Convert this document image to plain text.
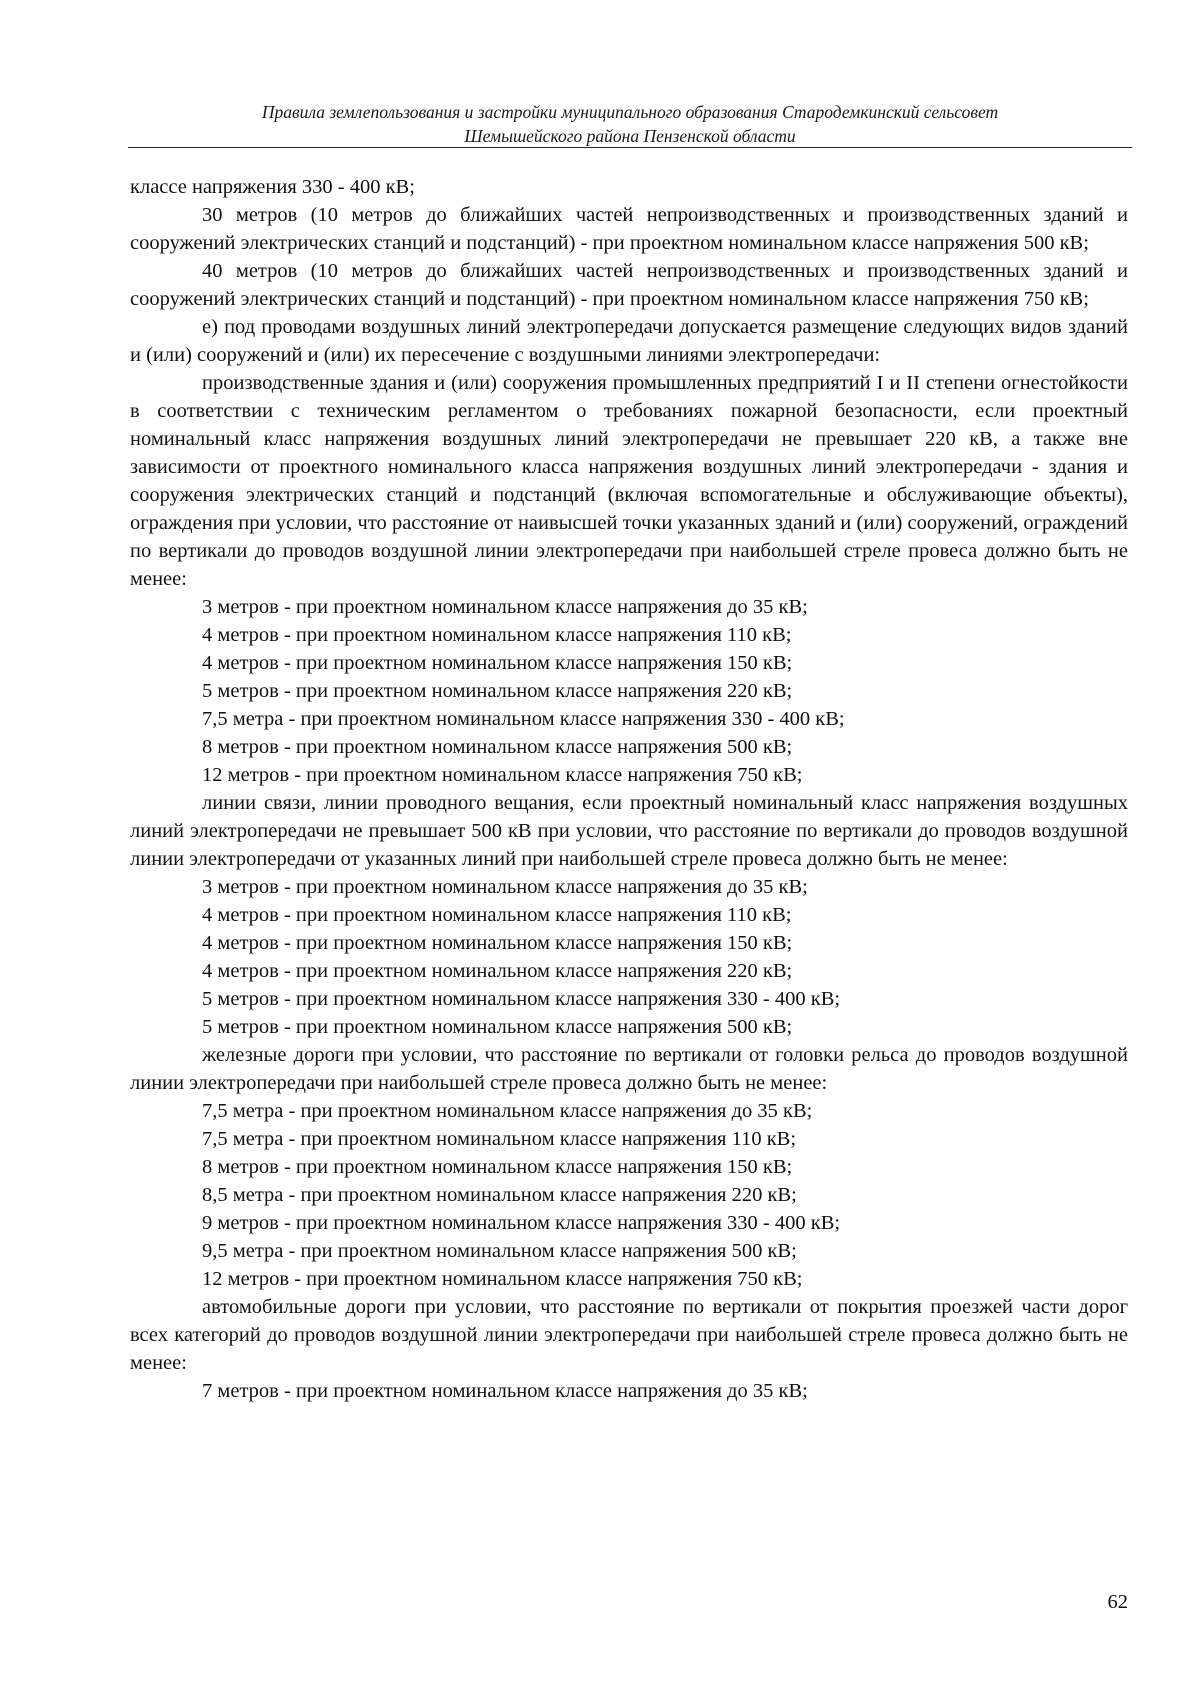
Правила землепользования и застройки муниципального образования Стародемкинский сельсовет
Шемышейского района Пензенской области

классе напряжения 330 - 400 кВ;

30 метров (10 метров до ближайших частей непроизводственных и производственных зданий и сооружений электрических станций и подстанций) - при проектном номинальном классе напряжения 500 кВ;

40 метров (10 метров до ближайших частей непроизводственных и производственных зданий и сооружений электрических станций и подстанций) - при проектном номинальном классе напряжения 750 кВ;

е) под проводами воздушных линий электропередачи допускается размещение следующих видов зданий и (или) сооружений и (или) их пересечение с воздушными линиями электропередачи:

производственные здания и (или) сооружения промышленных предприятий I и II степени огнестойкости в соответствии с техническим регламентом о требованиях пожарной безопасности, если проектный номинальный класс напряжения воздушных линий электропередачи не превышает 220 кВ, а также вне зависимости от проектного номинального класса напряжения воздушных линий электропередачи - здания и сооружения электрических станций и подстанций (включая вспомогательные и обслуживающие объекты), ограждения при условии, что расстояние от наивысшей точки указанных зданий и (или) сооружений, ограждений по вертикали до проводов воздушной линии электропередачи при наибольшей стреле провеса должно быть не менее:

3 метров - при проектном номинальном классе напряжения до 35 кВ;

4 метров - при проектном номинальном классе напряжения 110 кВ;

4 метров - при проектном номинальном классе напряжения 150 кВ;

5 метров - при проектном номинальном классе напряжения 220 кВ;

7,5 метра - при проектном номинальном классе напряжения 330 - 400 кВ;

8 метров - при проектном номинальном классе напряжения 500 кВ;

12 метров - при проектном номинальном классе напряжения 750 кВ;

линии связи, линии проводного вещания, если проектный номинальный класс напряжения воздушных линий электропередачи не превышает 500 кВ при условии, что расстояние по вертикали до проводов воздушной линии электропередачи от указанных линий при наибольшей стреле провеса должно быть не менее:

3 метров - при проектном номинальном классе напряжения до 35 кВ;

4 метров - при проектном номинальном классе напряжения 110 кВ;

4 метров - при проектном номинальном классе напряжения 150 кВ;

4 метров - при проектном номинальном классе напряжения 220 кВ;

5 метров - при проектном номинальном классе напряжения 330 - 400 кВ;

5 метров - при проектном номинальном классе напряжения 500 кВ;

железные дороги при условии, что расстояние по вертикали от головки рельса до проводов воздушной линии электропередачи при наибольшей стреле провеса должно быть не менее:

7,5 метра - при проектном номинальном классе напряжения до 35 кВ;

7,5 метра - при проектном номинальном классе напряжения 110 кВ;

8 метров - при проектном номинальном классе напряжения 150 кВ;

8,5 метра - при проектном номинальном классе напряжения 220 кВ;

9 метров - при проектном номинальном классе напряжения 330 - 400 кВ;

9,5 метра - при проектном номинальном классе напряжения 500 кВ;

12 метров - при проектном номинальном классе напряжения 750 кВ;

автомобильные дороги при условии, что расстояние по вертикали от покрытия проезжей части дорог всех категорий до проводов воздушной линии электропередачи при наибольшей стреле провеса должно быть не менее:

7 метров - при проектном номинальном классе напряжения до 35 кВ;

62
